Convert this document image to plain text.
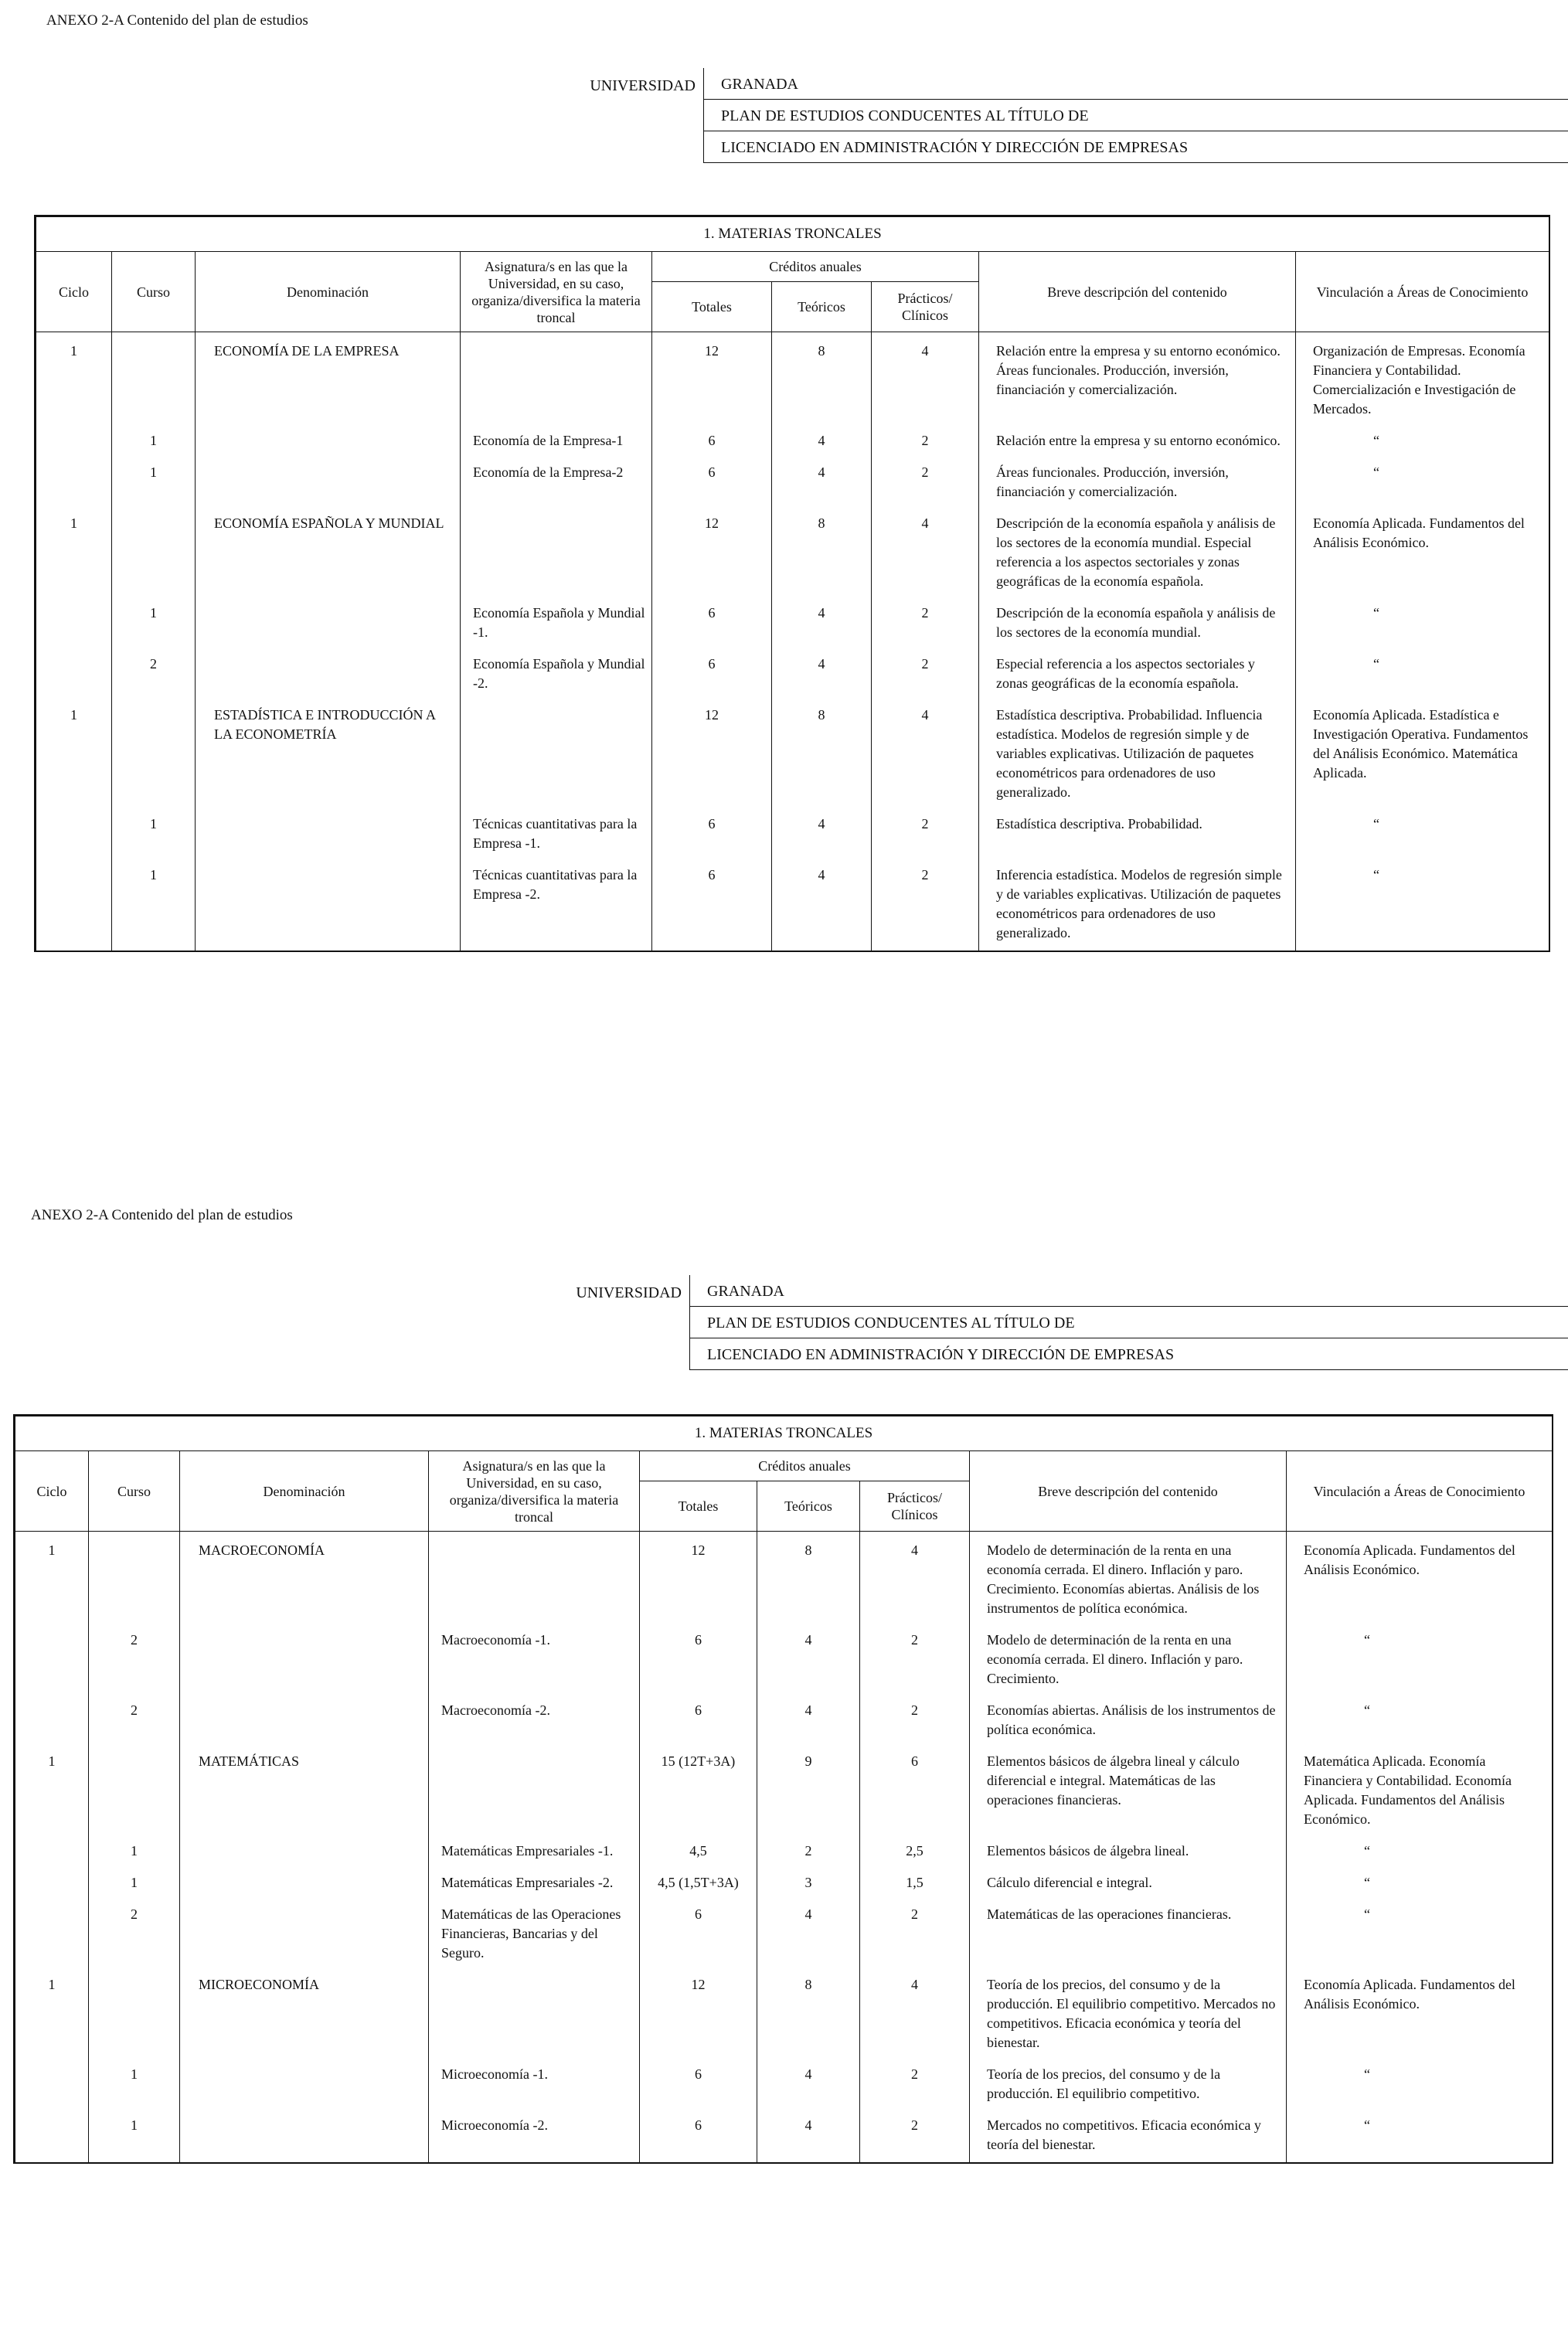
ANEXO 2-A Contenido del plan de estudios
UNIVERSIDAD	GRANADA
PLAN DE ESTUDIOS CONDUCENTES AL TÍTULO DE
LICENCIADO EN ADMINISTRACIÓN Y DIRECCIÓN DE EMPRESAS
1. MATERIAS TRONCALES								
Ciclo	Curso	Denominación	Asignatura/s en las que la Universidad, en su caso, organiza/diversifica la materia troncal	Créditos anuales			Breve descripción del contenido	Vinculación a Áreas de Conocimiento
				Totales	Teóricos	Prácticos/ Clínicos		
1		ECONOMÍA DE LA EMPRESA		12	8	4	Relación entre la empresa y su entorno económico. Áreas funcionales. Producción, inversión, financiación y comercialización.	Organización de Empresas. Economía Financiera y Contabilidad. Comercialización e Investigación de Mercados.
	1		Economía de la Empresa-1	6	4	2	Relación entre la empresa y su entorno económico.	“
	1		Economía de la Empresa-2	6	4	2	Áreas funcionales. Producción, inversión, financiación y comercialización.	“
1		ECONOMÍA ESPAÑOLA Y MUNDIAL		12	8	4	Descripción de la economía española y análisis de los sectores de la economía mundial. Especial referencia a los aspectos sectoriales y zonas geográficas de la economía española.	Economía Aplicada. Fundamentos del Análisis Económico.
	1		Economía Española y Mundial -1.	6	4	2	Descripción de la economía española y análisis de los sectores de la economía mundial.	“
	2		Economía Española y Mundial -2.	6	4	2	Especial referencia a los aspectos sectoriales y zonas geográficas de la economía española.	“
1		ESTADÍSTICA E INTRODUCCIÓN A LA ECONOMETRÍA		12	8	4	Estadística descriptiva. Probabilidad. Influencia estadística. Modelos de regresión simple y de variables explicativas. Utilización de paquetes econométricos para ordenadores de uso generalizado.	Economía Aplicada. Estadística e Investigación Operativa. Fundamentos del Análisis Económico. Matemática Aplicada.
	1		Técnicas cuantitativas para la Empresa -1.	6	4	2	Estadística descriptiva. Probabilidad.	“
	1		Técnicas cuantitativas para la Empresa -2.	6	4	2	Inferencia estadística. Modelos de regresión simple y de variables explicativas. Utilización de paquetes econométricos para ordenadores de uso generalizado.	“
ANEXO 2-A Contenido del plan de estudios
UNIVERSIDAD	GRANADA
PLAN DE ESTUDIOS CONDUCENTES AL TÍTULO DE
LICENCIADO EN ADMINISTRACIÓN Y DIRECCIÓN DE EMPRESAS
1. MATERIAS TRONCALES								
Ciclo	Curso	Denominación	Asignatura/s en las que la Universidad, en su caso, organiza/diversifica la materia troncal	Créditos anuales			Breve descripción del contenido	Vinculación a Áreas de Conocimiento
				Totales	Teóricos	Prácticos/ Clínicos		
1		MACROECONOMÍA		12	8	4	Modelo de determinación de la renta en una economía cerrada. El dinero. Inflación y paro. Crecimiento. Economías abiertas. Análisis de los instrumentos de política económica.	Economía Aplicada. Fundamentos del Análisis Económico.
	2		Macroeconomía -1.	6	4	2	Modelo de determinación de la renta en una economía cerrada. El dinero. Inflación y paro. Crecimiento.	“
	2		Macroeconomía -2.	6	4	2	Economías abiertas. Análisis de los instrumentos de política económica.	“
1		MATEMÁTICAS		15 (12T+3A)	9	6	Elementos básicos de álgebra lineal y cálculo diferencial e integral. Matemáticas de las operaciones financieras.	Matemática Aplicada. Economía Financiera y Contabilidad. Economía Aplicada. Fundamentos del Análisis Económico.
	1		Matemáticas Empresariales -1.	4,5	2	2,5	Elementos básicos de álgebra lineal.	“
	1		Matemáticas Empresariales -2.	4,5 (1,5T+3A)	3	1,5	Cálculo diferencial e integral.	“
	2		Matemáticas de las Operaciones Financieras, Bancarias y del Seguro.	6	4	2	Matemáticas de las operaciones financieras.	“
1		MICROECONOMÍA		12	8	4	Teoría de los precios, del consumo y de la producción. El equilibrio competitivo. Mercados no competitivos. Eficacia económica y teoría del bienestar.	Economía Aplicada. Fundamentos del Análisis Económico.
	1		Microeconomía -1.	6	4	2	Teoría de los precios, del consumo y de la producción. El equilibrio competitivo.	“
	1		Microeconomía -2.	6	4	2	Mercados no competitivos. Eficacia económica y teoría del bienestar.	“
